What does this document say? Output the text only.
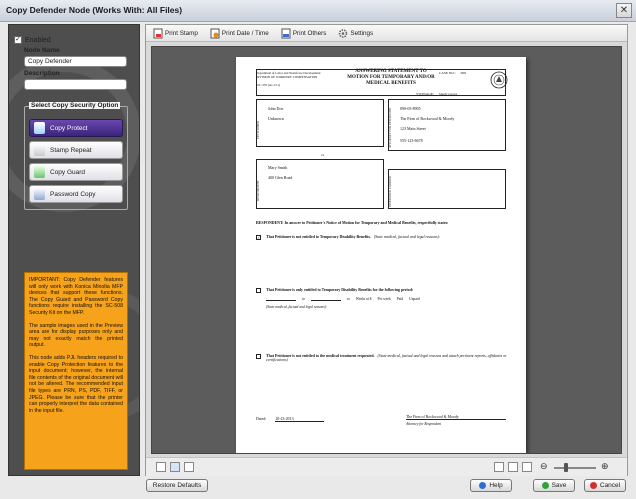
Copy Defender Node (Works With: All Files)	✕
✓ Enabled
Node Name
Copy Defender
Description
Select Copy Security Option
Copy Protect
Stamp Repeat
Copy Guard
Password Copy

IMPORTANT: Copy Defender features will only work with Konica Minolta MFP devices that support these functions. The Copy Guard and Password Copy functions require installing the SC-508 Security Kit on the MFP.

The sample images used in the Preview area are for display purposes only and may not exactly match the printed output.

This node adds PJL headers required to enable Copy Protection features to the input document; however, the internal file contents of the original document will not be altered. The recommended input file types are PRN, PS, PDF, TIFF, or JPEG. Please be sure that the printer can properly interpret the data contained in the input file.

Print Stamp	Print Date / Time	Print Others	Settings
Department of Labor and Workforce Development
DIVISION OF WORKERS' COMPENSATION
WC-370 (rev.1/11)
ANSWERING STATEMENT TO MOTION FOR TEMPORARY AND/OR MEDICAL BENEFITS
CASE NO.: 008
VICINAGE: Shady Grove
PETITIONER
John Doe
Unknown
vs
ATTORNEY FOR PETITIONER	090-05-8905
The Firm of Rockwood & Moody
123 Main Street
555-123-6678
RESPONDENT
Mary Smith
400 Glen Road	INSURANCE CARRIER
RESPONDENT: In answer to Petitioner's Notice of Motion for Temporary and Medical Benefits, respectfully states:
✓ That Petitioner is not entitled to Temporary Disability Benefits. (State medical, factual and legal reasons):
That Petitioner is only entitled to Temporary Disability Benefits for the following period:
to	or Weeks at $ Per week Paid Unpaid
(State medical, factual and legal reasons):
That Petitioner is not entitled to the medical treatment requested. (State medical, factual and legal reasons and attach pertinent reports, affidavits or certifications)
Dated: 10-23-2013	The Firm of Rockwood & Moody
Attorney for Respondent
⊖	⊕
Restore Defaults	Help	Save	Cancel
